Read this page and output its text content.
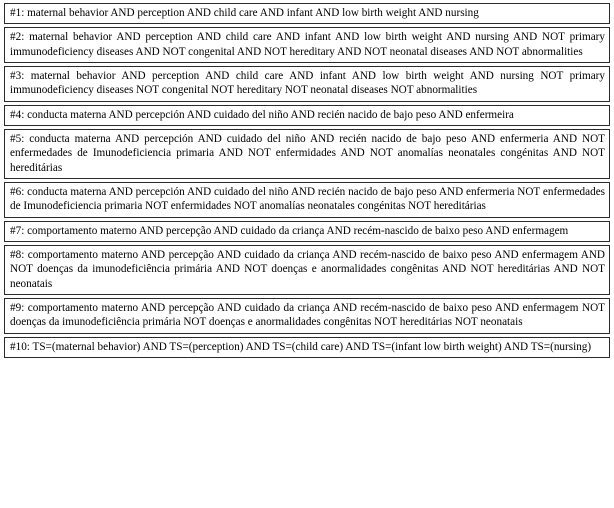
#1: maternal behavior AND perception AND child care AND infant AND low birth weight AND nursing

#2: maternal behavior AND perception AND child care AND infant AND low birth weight AND nursing AND NOT primary immunodeficiency diseases AND NOT congenital AND NOT hereditary AND NOT neonatal diseases AND NOT abnormalities

#3: maternal behavior AND perception AND child care AND infant AND low birth weight AND nursing NOT primary immunodeficiency diseases NOT congenital NOT hereditary NOT neonatal diseases NOT abnormalities

#4: conducta materna AND percepción AND cuidado del niño AND recién nacido de bajo peso AND enfermeira

#5: conducta materna AND percepción AND cuidado del niño AND recién nacido de bajo peso AND enfermeria AND NOT enfermedades de Imunodeficiencia primaria AND NOT enfermidades AND NOT anomalías neonatales congénitas AND NOT hereditárias

#6: conducta materna AND percepción AND cuidado del niño AND recién nacido de bajo peso AND enfermeria NOT enfermedades de Imunodeficiencia primaria NOT enfermidades NOT anomalías neonatales congénitas NOT hereditárias

#7: comportamento materno AND percepção AND cuidado da criança AND recém-nascido de baixo peso AND enfermagem

#8: comportamento materno AND percepção AND cuidado da criança AND recém-nascido de baixo peso AND enfermagem AND NOT doenças da imunodeficiência primária AND NOT doenças e anormalidades congênitas AND NOT hereditárias AND NOT neonatais

#9: comportamento materno AND percepção AND cuidado da criança AND recém-nascido de baixo peso AND enfermagem NOT doenças da imunodeficiência primária NOT doenças e anormalidades congênitas NOT hereditárias NOT neonatais

#10: TS=(maternal behavior) AND TS=(perception) AND TS=(child care) AND TS=(infant low birth weight) AND TS=(nursing)
